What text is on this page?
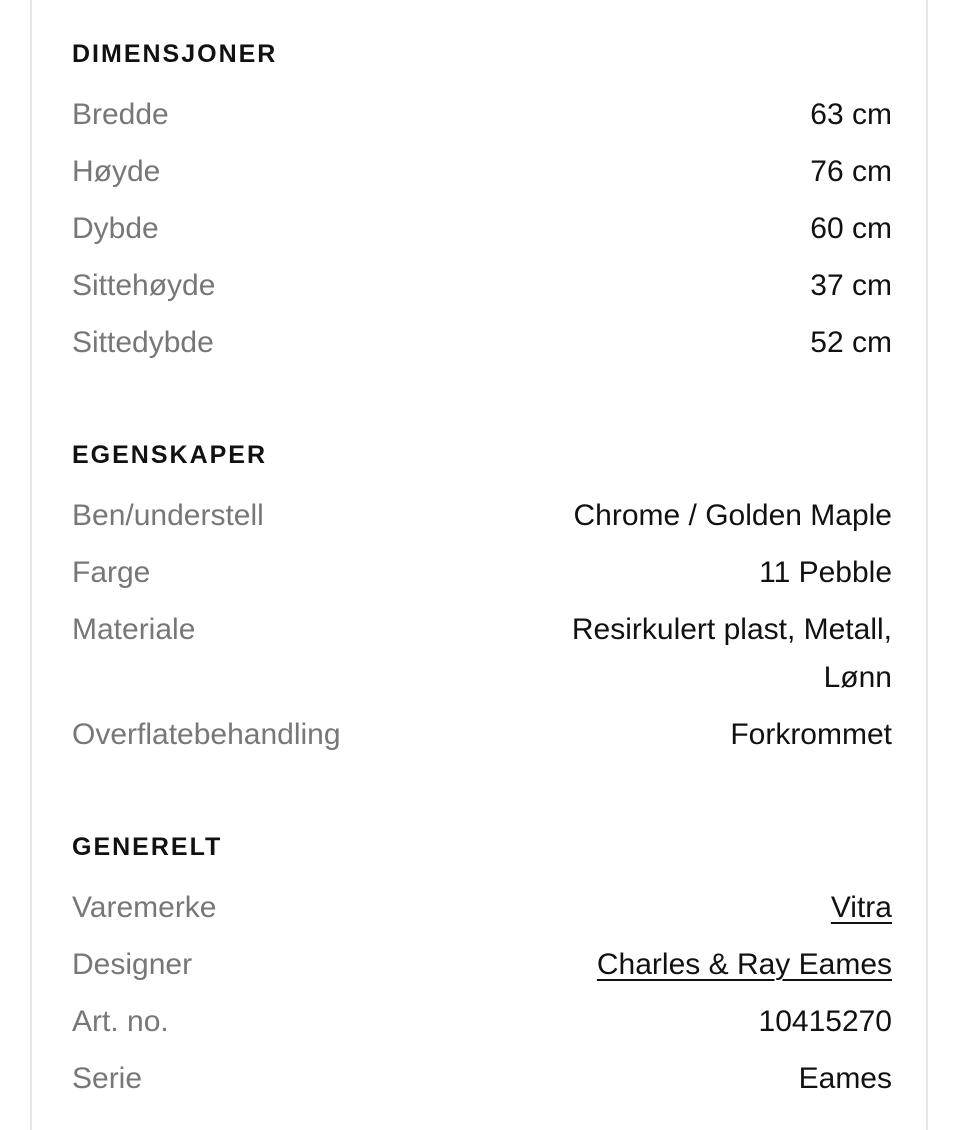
DIMENSJONER
Bredde	63 cm
Høyde	76 cm
Dybde	60 cm
Sittehøyde	37 cm
Sittedybde	52 cm
EGENSKAPER
Ben/understell	Chrome / Golden Maple
Farge	11 Pebble
Materiale	Resirkulert plast, Metall, Lønn
Overflatebehandling	Forkrommet
GENERELT
Varemerke	Vitra
Designer	Charles & Ray Eames
Art. no.	10415270
Serie	Eames
